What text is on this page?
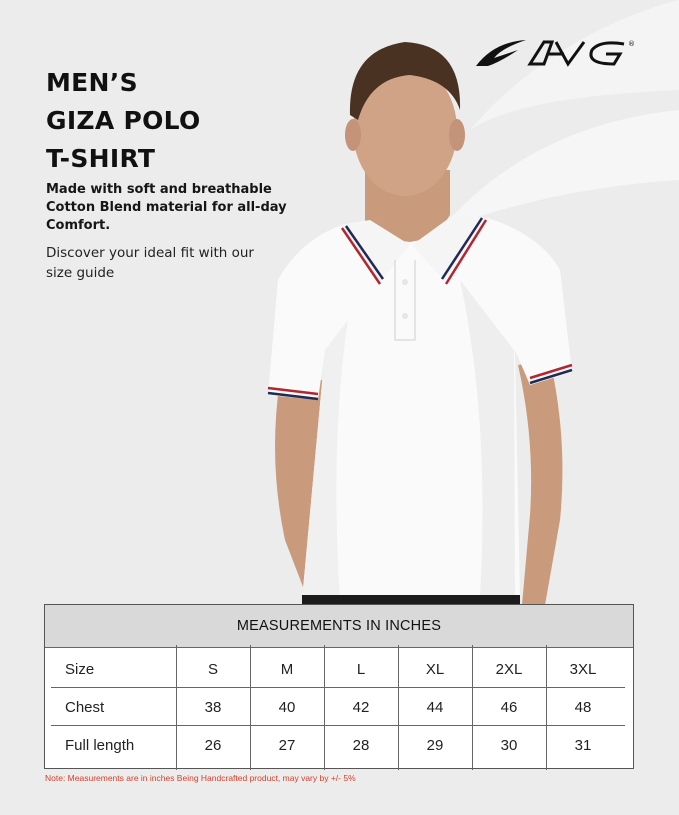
MEN’S
GIZA POLO
T-SHIRT

Made with soft and breathable Cotton Blend material for all-day Comfort.

Discover your ideal fit with our size guide

®
MEASUREMENTS IN INCHES
Size	S	M	L	XL	2XL	3XL
Chest	38	40	42	44	46	48
Full length	26	27	28	29	30	31

Note: Measurements are in inches Being Handcrafted product, may vary by +/- 5%
